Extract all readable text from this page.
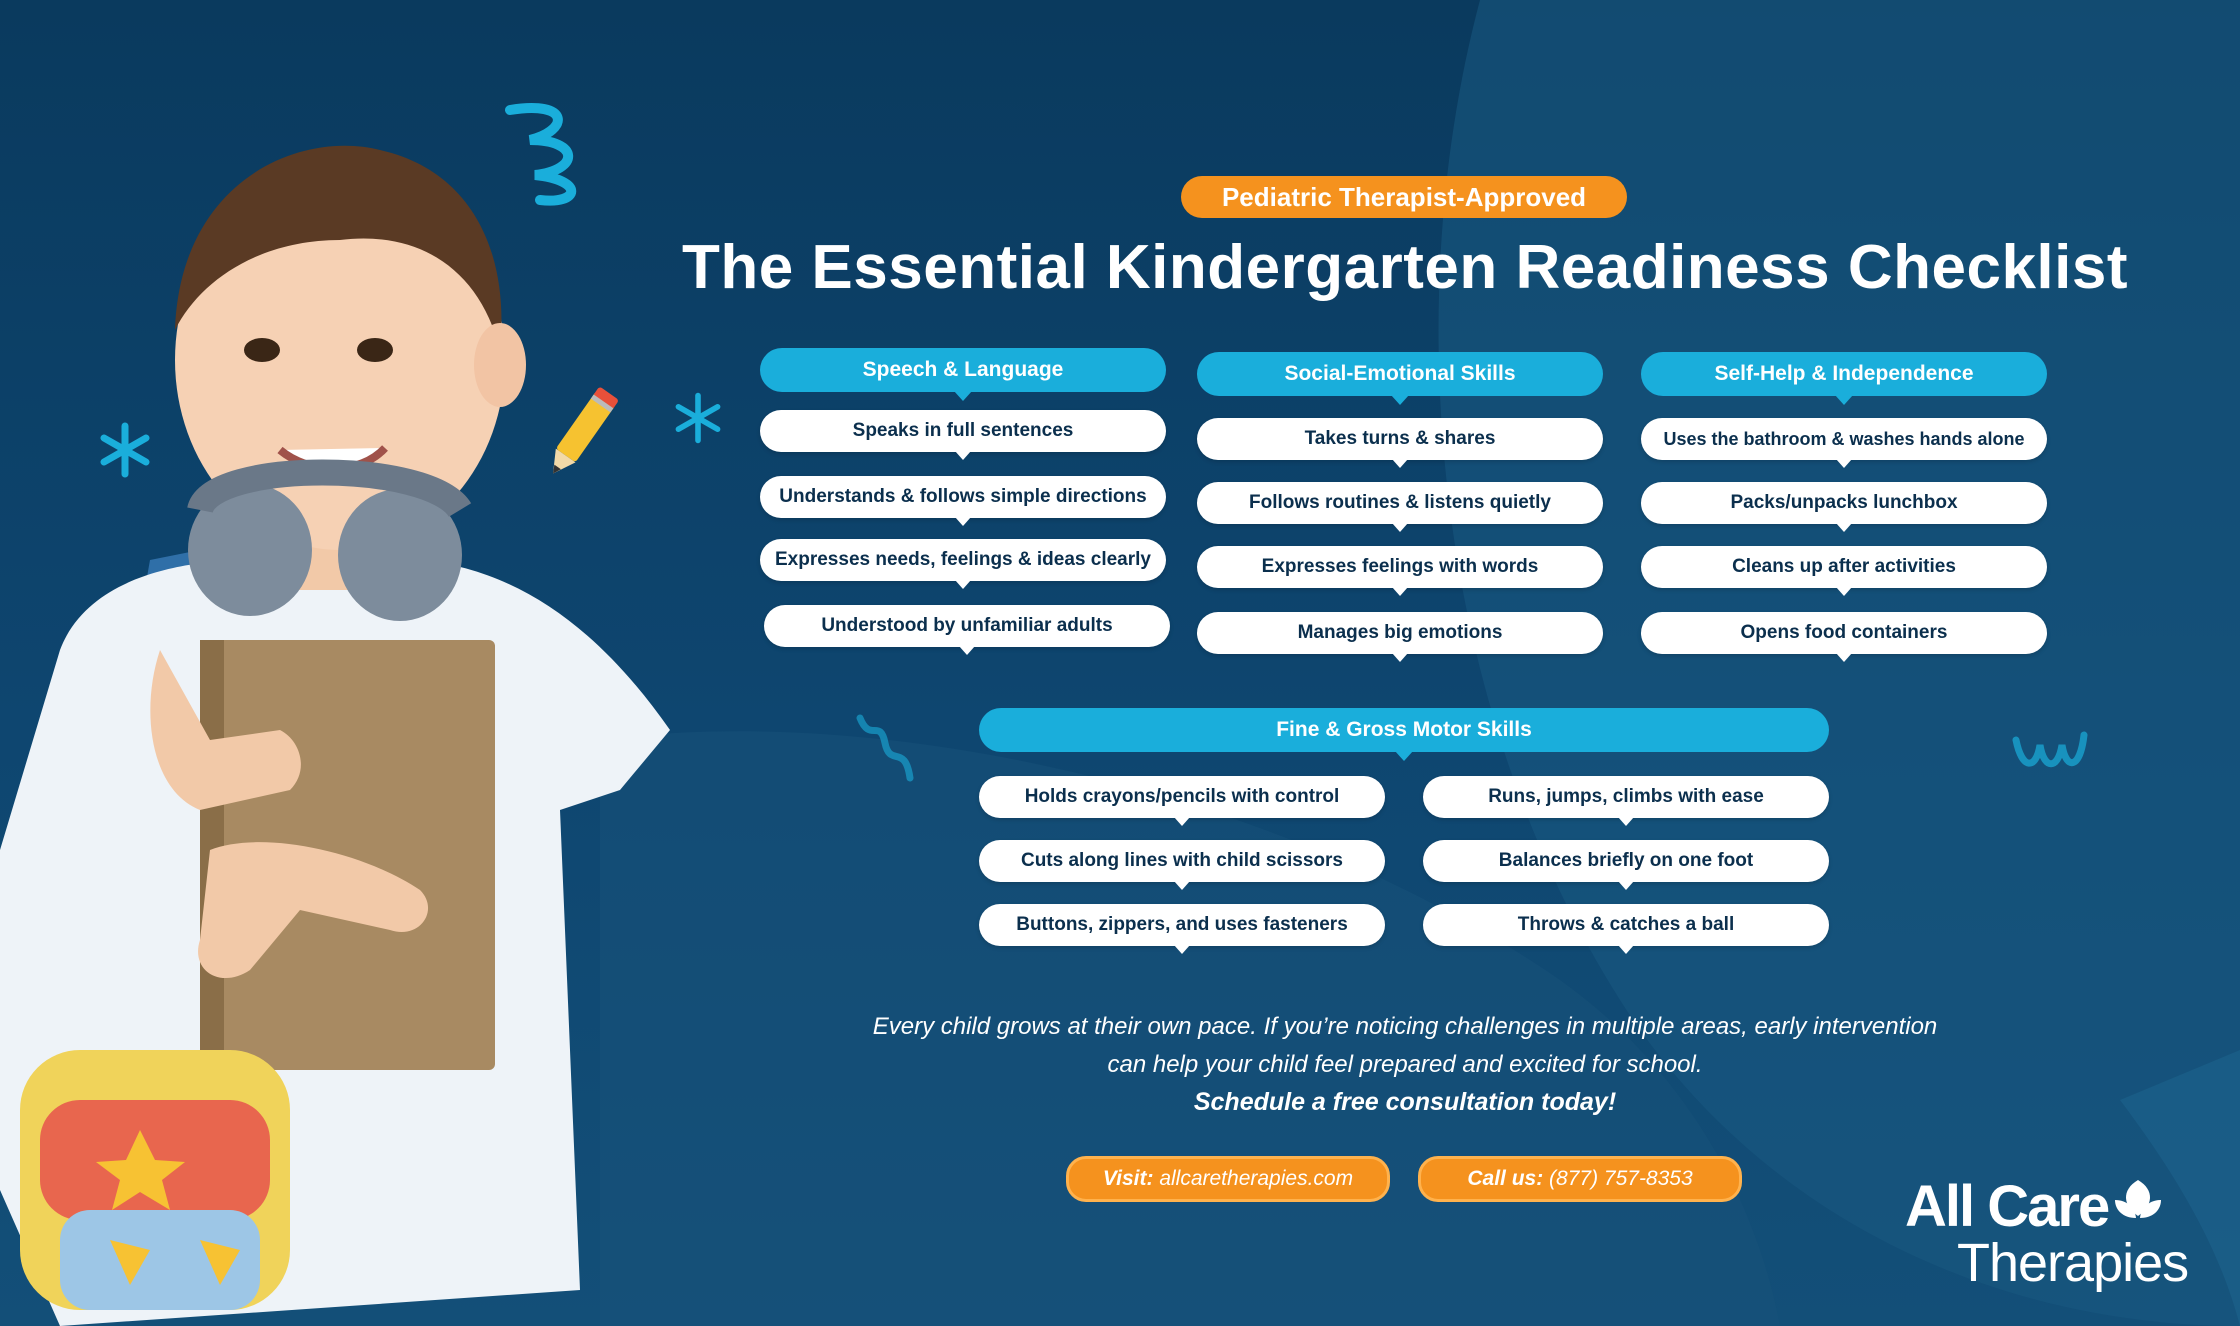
Pediatric Therapist-Approved
The Essential Kindergarten Readiness Checklist
Speech & Language
Speaks in full sentences
Understands & follows simple directions
Expresses needs, feelings & ideas clearly
Understood by unfamiliar adults
Social-Emotional Skills
Takes turns & shares
Follows routines & listens quietly
Expresses feelings with words
Manages big emotions
Self-Help & Independence
Uses the bathroom & washes hands alone
Packs/unpacks lunchbox
Cleans up after activities
Opens food containers
Fine & Gross Motor Skills
Holds crayons/pencils with control
Cuts along lines with child scissors
Buttons, zippers, and uses fasteners
Runs, jumps, climbs with ease
Balances briefly on one foot
Throws & catches a ball
Every child grows at their own pace. If you’re noticing challenges in multiple areas, early intervention
can help your child feel prepared and excited for school.
Schedule a free consultation today!
Visit: allcaretherapies.com	Call us: (877) 757-8353	All Care
Therapies
